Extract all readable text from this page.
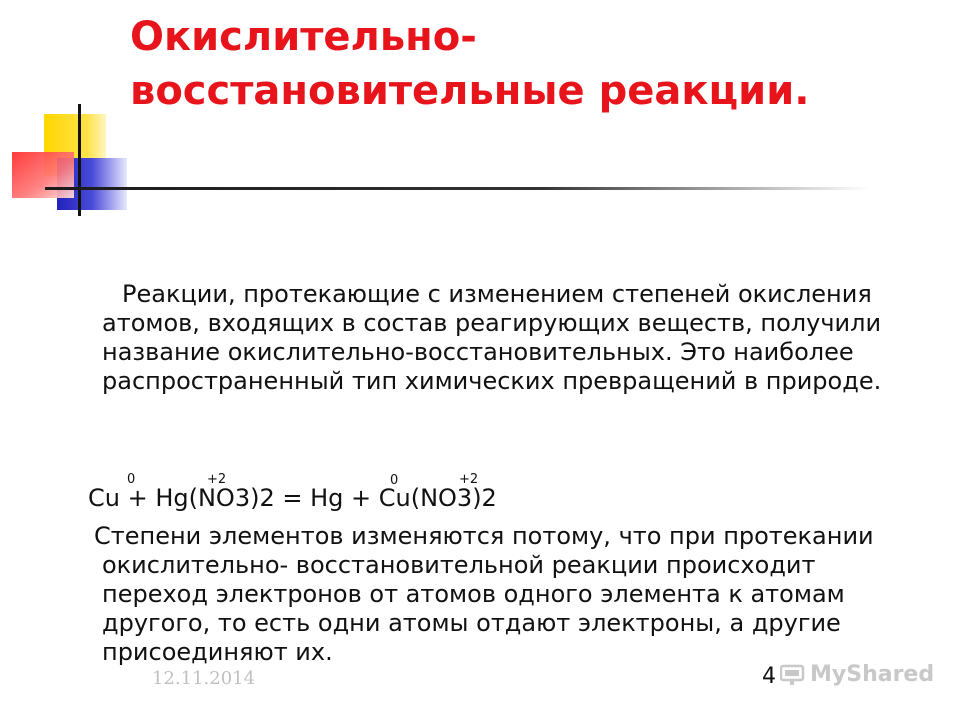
Окислительно-
восстановительные реакции.
Реакции, протекающие с изменением степеней окисления атомов, входящих в состав реагирующих веществ, получили название окислительно-восстановительных. Это наиболее распространенный тип химических превращений в природе.
0	+2	0	+2
Cu + Hg(NO3)2 = Hg + Cu(NO3)2
Степени элементов изменяются потому, что при протекании окислительно- восстановительной реакции происходит переход электронов от атомов одного элемента к атомам другого, то есть одни атомы отдают электроны, а другие присоединяют их.
12.11.2014	4 MyShared
